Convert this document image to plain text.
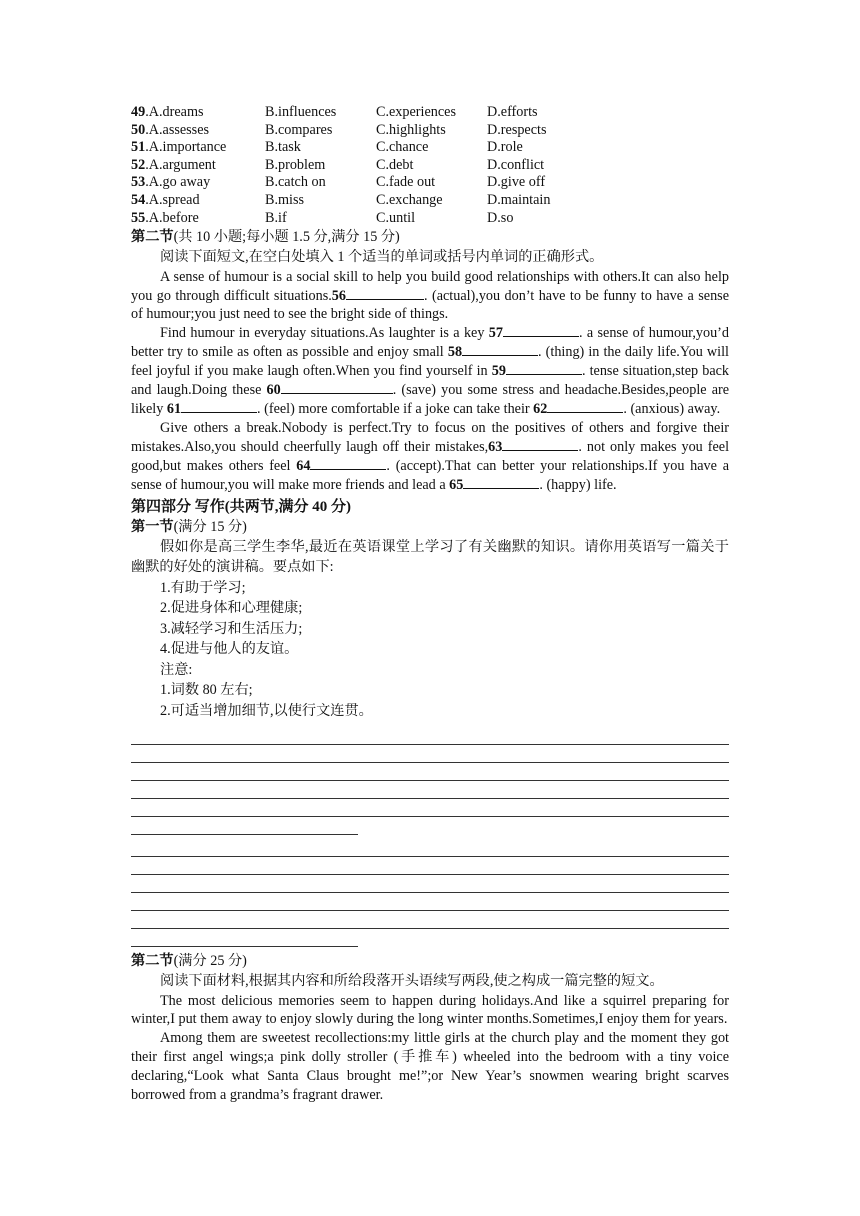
49.A.dreams	B.influences	C.experiences	D.efforts
50.A.assesses	B.compares	C.highlights	D.respects
51.A.importance	B.task	C.chance	D.role
52.A.argument	B.problem	C.debt	D.conflict
53.A.go away	B.catch on	C.fade out	D.give off
54.A.spread	B.miss	C.exchange	D.maintain
55.A.before	B.if	C.until	D.so
第二节(共 10 小题;每小题 1.5 分,满分 15 分)

阅读下面短文,在空白处填入 1 个适当的单词或括号内单词的正确形式。

A sense of humour is a social skill to help you build good relationships with others.It can also help you go through difficult situations.56	. (actual),you don’t have to be funny to have a sense of humour;you just need to see the bright side of things.

Find humour in everyday situations.As laughter is a key 57	. a sense of humour,you’d better try to smile as often as possible and enjoy small 58	. (thing) in the daily life.You will feel joyful if you make laugh often.When you find yourself in 59	. tense situation,step back and laugh.Doing these 60	. (save) you some stress and headache.Besides,people are likely 61	. (feel) more comfortable if a joke can take their 62	. (anxious) away.

Give others a break.Nobody is perfect.Try to focus on the positives of others and forgive their mistakes.Also,you should cheerfully laugh off their mistakes,63	. not only makes you feel good,but makes others feel 64	. (accept).That can better your relationships.If you have a sense of humour,you will make more friends and lead a 65	. (happy) life.

第四部分 写作(共两节,满分 40 分)
第一节(满分 15 分)

假如你是高三学生李华,最近在英语课堂上学习了有关幽默的知识。请你用英语写一篇关于幽默的好处的演讲稿。要点如下:

1.有助于学习;
2.促进身体和心理健康;
3.减轻学习和生活压力;
4.促进与他人的友谊。
注意:
1.词数 80 左右;
2.可适当增加细节,以使行文连贯。
第二节(满分 25 分)

阅读下面材料,根据其内容和所给段落开头语续写两段,使之构成一篇完整的短文。

The most delicious memories seem to happen during holidays.And like a squirrel preparing for winter,I put them away to enjoy slowly during the long winter months.Sometimes,I enjoy them for years.

Among them are sweetest recollections:my little girls at the church play and the moment they got their first angel wings;a pink dolly stroller (手推车) wheeled into the bedroom with a tiny voice declaring,“Look what Santa Claus brought me!”;or New Year’s snowmen wearing bright scarves borrowed from a grandma’s fragrant drawer.
